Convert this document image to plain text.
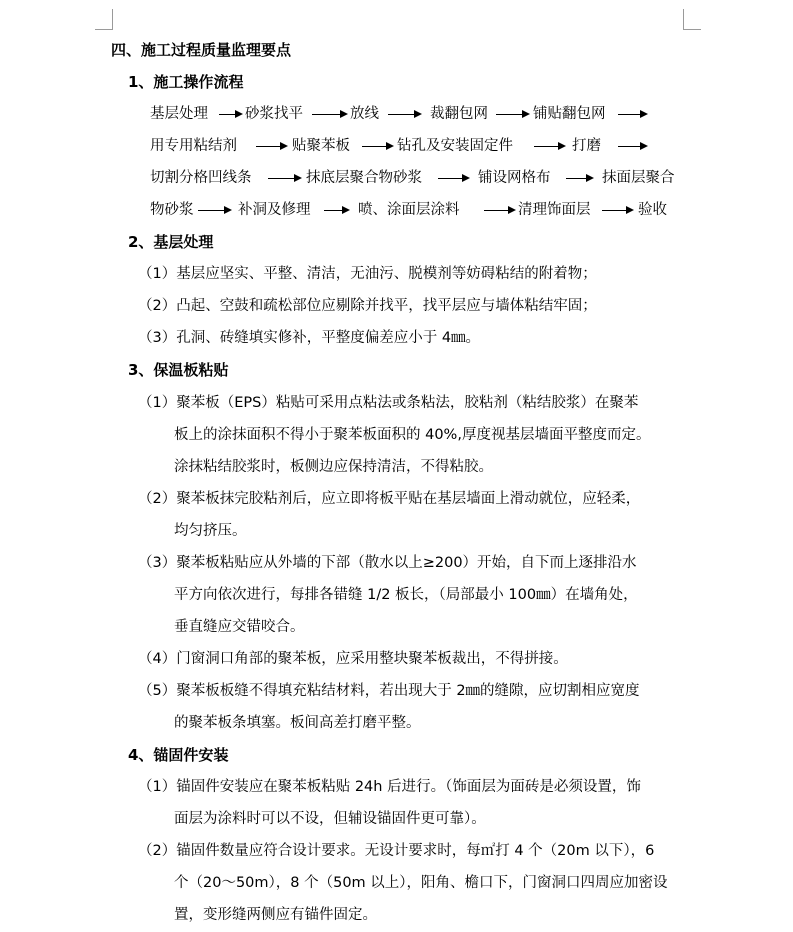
四、施工过程质量监理要点
1、施工操作流程
基层处理	砂浆找平	放线	裁翻包网	铺贴翻包网
用专用粘结剂	贴聚苯板	钻孔及安装固定件	打磨
切割分格凹线条	抹底层聚合物砂浆	铺设网格布	抹面层聚合
物砂浆	补洞及修理	喷、涂面层涂料	清理饰面层	验收
2、基层处理
（1）基层应坚实、平整、清洁，无油污、脱模剂等妨碍粘结的附着物；
（2）凸起、空鼓和疏松部位应剔除并找平，找平层应与墙体粘结牢固；
（3）孔洞、砖缝填实修补，平整度偏差应小于 4㎜。
3、保温板粘贴
（1）聚苯板（EPS）粘贴可采用点粘法或条粘法，胶粘剂（粘结胶浆）在聚苯
板上的涂抹面积不得小于聚苯板面积的 40%,厚度视基层墙面平整度而定。
涂抹粘结胶浆时，板侧边应保持清洁，不得粘胶。
（2）聚苯板抹完胶粘剂后，应立即将板平贴在基层墙面上滑动就位，应轻柔，
均匀挤压。
（3）聚苯板粘贴应从外墙的下部（散水以上≥200）开始，自下而上逐排沿水
平方向依次进行，每排各错缝 1/2 板长，（局部最小 100㎜）在墙角处，
垂直缝应交错咬合。
（4）门窗洞口角部的聚苯板，应采用整块聚苯板裁出，不得拼接。
（5）聚苯板板缝不得填充粘结材料，若出现大于 2㎜的缝隙，应切割相应宽度
的聚苯板条填塞。板间高差打磨平整。
4、锚固件安装
（1）锚固件安装应在聚苯板粘贴 24h 后进行。（饰面层为面砖是必须设置，饰
面层为涂料时可以不设，但辅设锚固件更可靠）。
（2）锚固件数量应符合设计要求。无设计要求时，每㎡打 4 个（20m 以下），6
个（20～50m），8 个（50m 以上），阳角、檐口下，门窗洞口四周应加密设
置，变形缝两侧应有锚件固定。
